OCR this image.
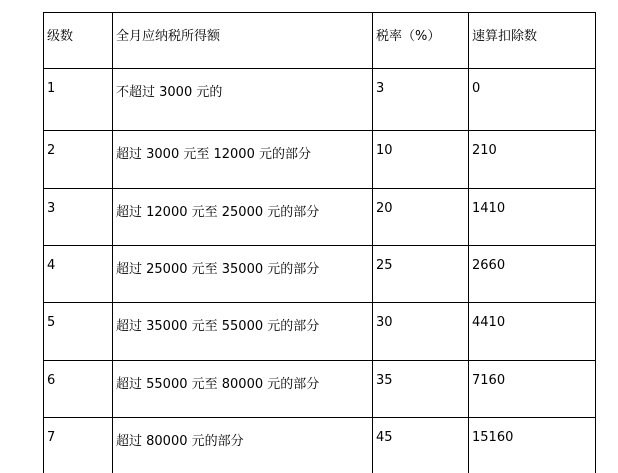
级数	全月应纳税所得额	税率（%）	速算扣除数
1	不超过 3000 元的	3	0
2	超过 3000 元至 12000 元的部分	10	210
3	超过 12000 元至 25000 元的部分	20	1410
4	超过 25000 元至 35000 元的部分	25	2660
5	超过 35000 元至 55000 元的部分	30	4410
6	超过 55000 元至 80000 元的部分	35	7160
7	超过 80000 元的部分	45	15160
